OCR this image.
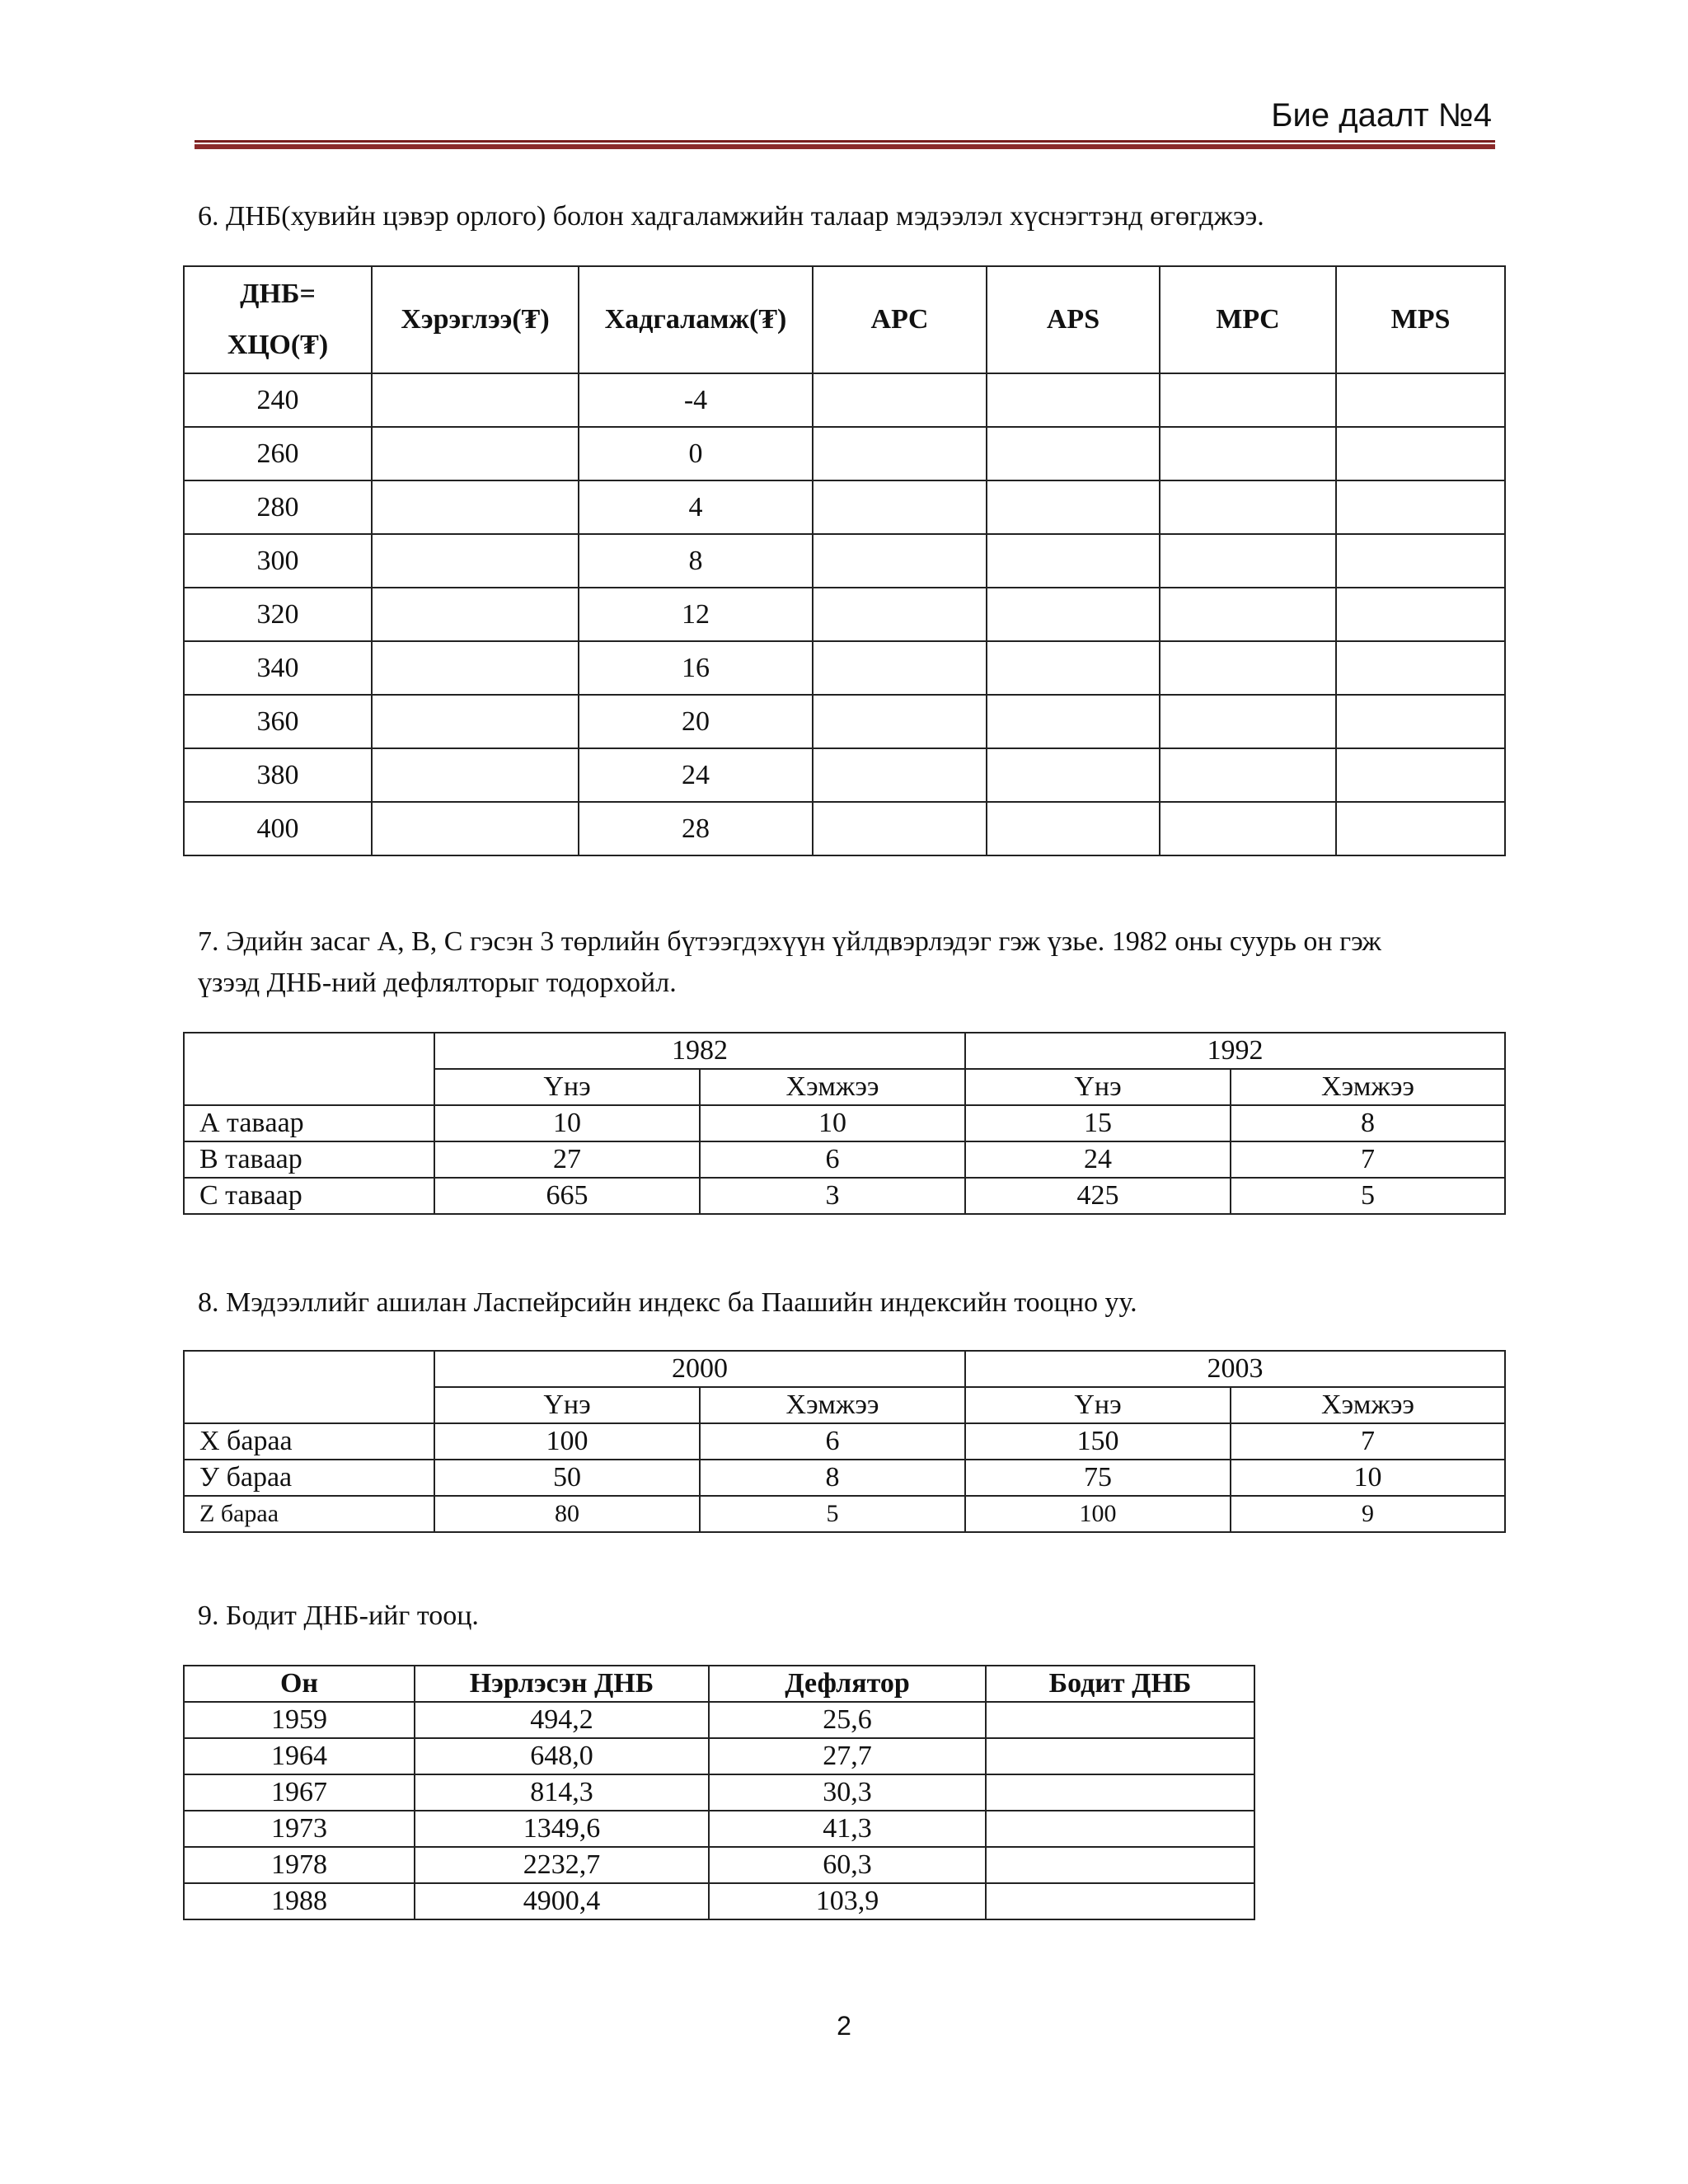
Бие даалт №4
6. ДНБ(хувийн цэвэр орлого) болон хадгаламжийн талаар мэдээлэл хүснэгтэнд өгөгджээ.
ДНБ=
ХЦО(₮)	Хэрэглээ(₮)	Хадгаламж(₮)	APC	APS	MPC	MPS
240		-4				
260		0				
280		4				
300		8				
320		12				
340		16				
360		20				
380		24				
400		28				
7. Эдийн засаг A, B, C гэсэн 3 төрлийн бүтээгдэхүүн үйлдвэрлэдэг гэж үзье. 1982 оны суурь он гэж
үзээд ДНБ-ний дефлялторыг тодорхойл.
	1982		1992	
	Үнэ	Хэмжээ	Үнэ	Хэмжээ
А тавaap	10	10	15	8
В тавaap	27	6	24	7
С тавaap	665	3	425	5
8. Мэдээллийг ашилан Ласпейрсийн индекс ба Паашийн индексийн тооцно уу.
	2000		2003	
	Үнэ	Хэмжээ	Үнэ	Хэмжээ
X бараа	100	6	150	7
У бараа	50	8	75	10
Z бараа	80	5	100	9
9. Бодит ДНБ-ийг тооц.
Он	Нэрлэсэн ДНБ	Дефлятор	Бодит ДНБ
1959	494,2	25,6	
1964	648,0	27,7	
1967	814,3	30,3	
1973	1349,6	41,3	
1978	2232,7	60,3	
1988	4900,4	103,9	
2
